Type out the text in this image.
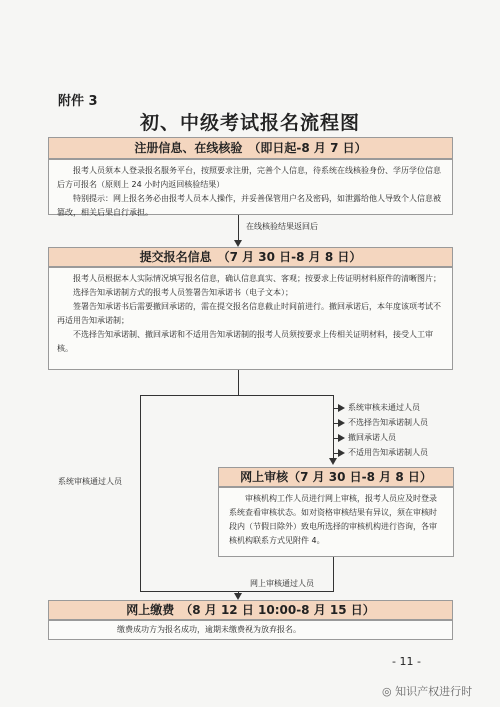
附件 3
初、中级考试报名流程图
注册信息、在线核验　（即日起-8 月 7 日）

报考人员须本人登录报名服务平台，按照要求注册，完善个人信息，待系统在线核验身份、学历学位信息后方可报名（原则上 24 小时内返回核验结果）

特别提示：网上报名务必由报考人员本人操作，并妥善保管用户名及密码，如泄露给他人导致个人信息被篡改，相关后果自行承担。

在线核验结果返回后
提交报名信息　（7 月 30 日-8 月 8 日）

报考人员根据本人实际情况填写报名信息，确认信息真实、客观；按要求上传证明材料原件的清晰图片；

选择告知承诺制方式的报考人员签署告知承诺书（电子文本）；

签署告知承诺书后需要撤回承诺的，需在提交报名信息截止时间前进行。撤回承诺后，本年度该项考试不再适用告知承诺制；

不选择告知承诺制、撤回承诺和不适用告知承诺制的报考人员须按要求上传相关证明材料，接受人工审核。

系统审核未通过人员
不选择告知承诺制人员
撤回承诺人员
不适用告知承诺制人员
系统审核通过人员	网上审核（7 月 30 日-8 月 8 日）

审核机构工作人员进行网上审核，报考人员应及时登录系统查看审核状态。如对资格审核结果有异议，须在审核时段内（节假日除外）致电所选择的审核机构进行咨询，各审核机构联系方式见附件 4。

网上审核通过人员
网上缴费　（8 月 12 日 10:00-8 月 15 日）

缴费成功方为报名成功，逾期未缴费视为放弃报名。

- 11 -
◎ 知识产权进行时
